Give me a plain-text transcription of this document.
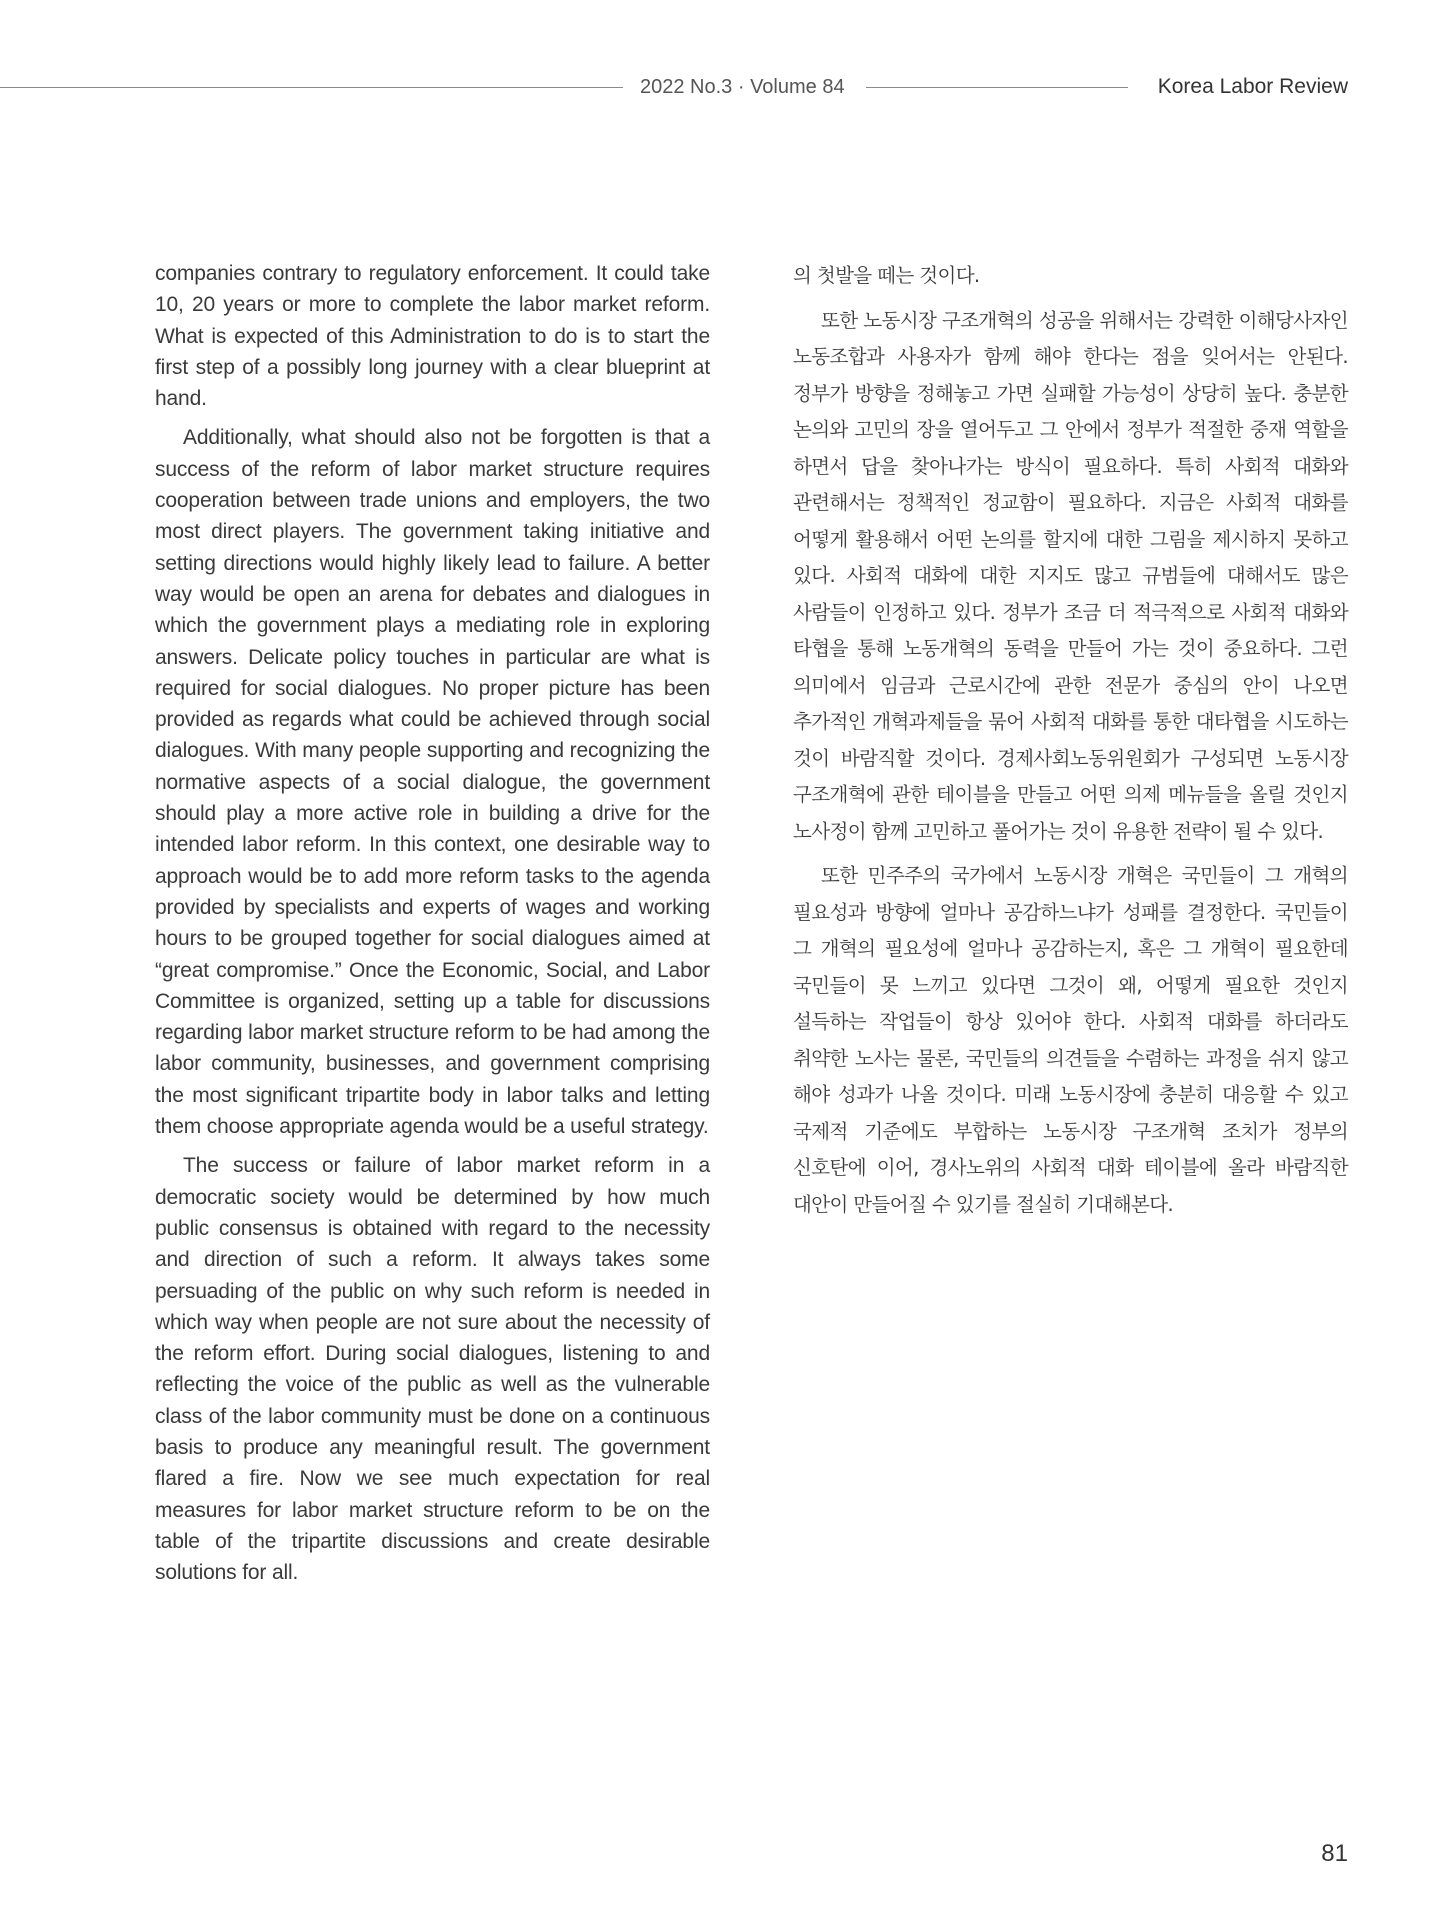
2022 No.3 · Volume 84	Korea Labor Review

companies contrary to regulatory enforcement. It could take 10, 20 years or more to complete the labor market reform. What is expected of this Administration to do is to start the first step of a possibly long journey with a clear blueprint at hand.

Additionally, what should also not be forgotten is that a success of the reform of labor market structure requires cooperation between trade unions and employers, the two most direct players. The government taking initiative and setting directions would highly likely lead to failure. A better way would be open an arena for debates and dialogues in which the government plays a mediating role in exploring answers. Delicate policy touches in particular are what is required for social dialogues. No proper picture has been provided as regards what could be achieved through social dialogues. With many people supporting and recognizing the normative aspects of a social dialogue, the government should play a more active role in building a drive for the intended labor reform. In this context, one desirable way to approach would be to add more reform tasks to the agenda provided by specialists and experts of wages and working hours to be grouped together for social dialogues aimed at “great compromise.” Once the Economic, Social, and Labor Committee is organized, setting up a table for discussions regarding labor market structure reform to be had among the labor community, businesses, and government comprising the most significant tripartite body in labor talks and letting them choose appropriate agenda would be a useful strategy.

The success or failure of labor market reform in a democratic society would be determined by how much public consensus is obtained with regard to the necessity and direction of such a reform. It always takes some persuading of the public on why such reform is needed in which way when people are not sure about the necessity of the reform effort. During social dialogues, listening to and reflecting the voice of the public as well as the vulnerable class of the labor community must be done on a continuous basis to produce any meaningful result. The government flared a fire. Now we see much expectation for real measures for labor market structure reform to be on the table of the tripartite discussions and create desirable solutions for all.

의 첫발을 떼는 것이다.

또한 노동시장 구조개혁의 성공을 위해서는 강력한 이해당사자인 노동조합과 사용자가 함께 해야 한다는 점을 잊어서는 안된다. 정부가 방향을 정해놓고 가면 실패할 가능성이 상당히 높다. 충분한 논의와 고민의 장을 열어두고 그 안에서 정부가 적절한 중재 역할을 하면서 답을 찾아나가는 방식이 필요하다. 특히 사회적 대화와 관련해서는 정책적인 정교함이 필요하다. 지금은 사회적 대화를 어떻게 활용해서 어떤 논의를 할지에 대한 그림을 제시하지 못하고 있다. 사회적 대화에 대한 지지도 많고 규범들에 대해서도 많은 사람들이 인정하고 있다. 정부가 조금 더 적극적으로 사회적 대화와 타협을 통해 노동개혁의 동력을 만들어 가는 것이 중요하다. 그런 의미에서 임금과 근로시간에 관한 전문가 중심의 안이 나오면 추가적인 개혁과제들을 묶어 사회적 대화를 통한 대타협을 시도하는 것이 바람직할 것이다. 경제사회노동위원회가 구성되면 노동시장 구조개혁에 관한 테이블을 만들고 어떤 의제 메뉴들을 올릴 것인지 노사정이 함께 고민하고 풀어가는 것이 유용한 전략이 될 수 있다.

또한 민주주의 국가에서 노동시장 개혁은 국민들이 그 개혁의 필요성과 방향에 얼마나 공감하느냐가 성패를 결정한다. 국민들이 그 개혁의 필요성에 얼마나 공감하는지, 혹은 그 개혁이 필요한데 국민들이 못 느끼고 있다면 그것이 왜, 어떻게 필요한 것인지 설득하는 작업들이 항상 있어야 한다. 사회적 대화를 하더라도 취약한 노사는 물론, 국민들의 의견들을 수렴하는 과정을 쉬지 않고 해야 성과가 나올 것이다. 미래 노동시장에 충분히 대응할 수 있고 국제적 기준에도 부합하는 노동시장 구조개혁 조치가 정부의 신호탄에 이어, 경사노위의 사회적 대화 테이블에 올라 바람직한 대안이 만들어질 수 있기를 절실히 기대해본다.

81
